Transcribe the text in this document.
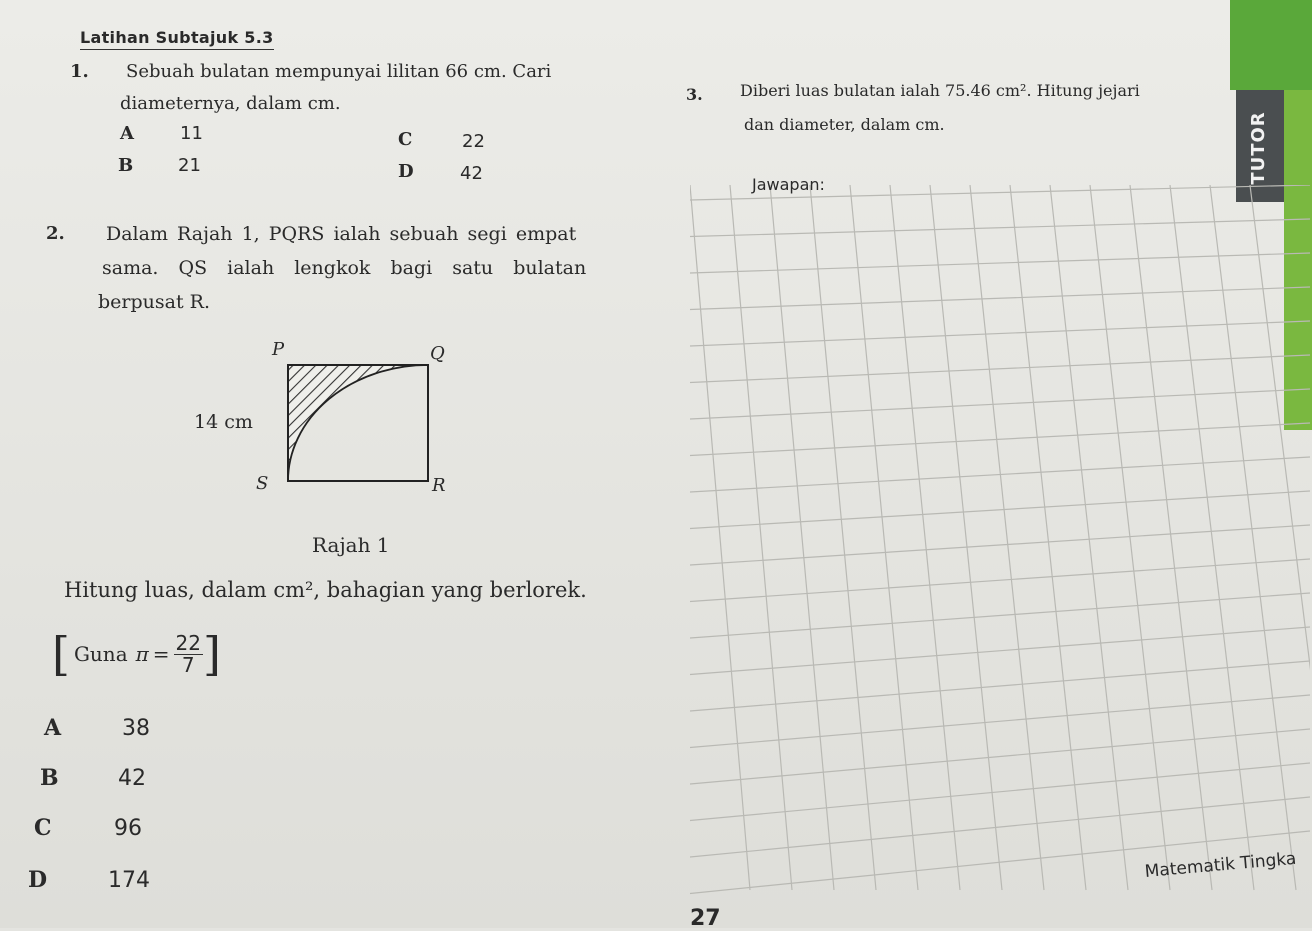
TUTOR
Latihan Subtajuk 5.3
1. Sebuah bulatan mempunyai lilitan 66 cm. Cari
diameternya, dalam cm.
A	11
B 21
C	22
D	42
3. Diberi luas bulatan ialah 75.46 cm². Hitung jejari
dan diameter, dalam cm.
Jawapan:
2. Dalam Rajah 1, PQRS ialah sebuah segi empat
sama. QS ialah lengkok bagi satu bulatan
berpusat R.
P	Q
R
S
14 cm
Rajah 1
Hitung luas, dalam cm², bahagian yang berlorek.
[ Guna $\pi = \frac{22}{7}$ ]
A	38
B	42
C	96
D	174	Matematik Tingka
27
